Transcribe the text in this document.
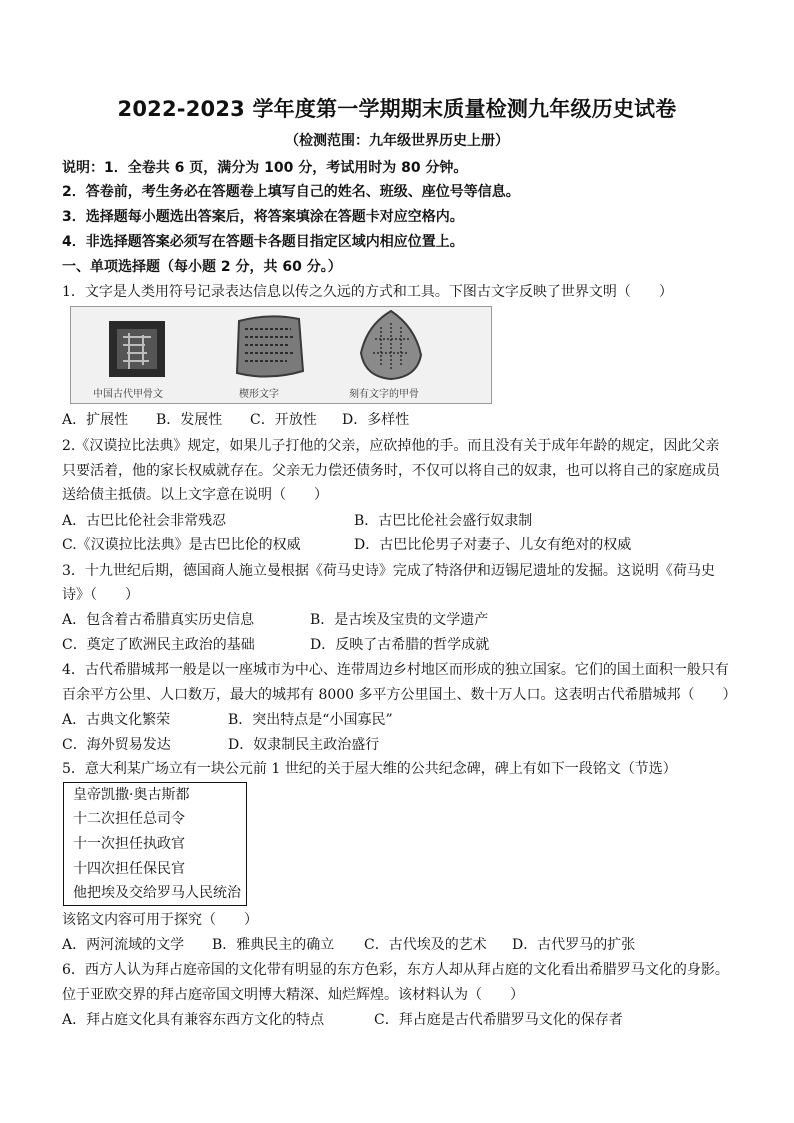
2022-2023 学年度第一学期期末质量检测九年级历史试卷
（检测范围：九年级世界历史上册）
说明：1．全卷共 6 页，满分为 100 分，考试用时为 80 分钟。
2．答卷前，考生务必在答题卷上填写自己的姓名、班级、座位号等信息。
3．选择题每小题选出答案后，将答案填涂在答题卡对应空格内。
4．非选择题答案必须写在答题卡各题目指定区域内相应位置上。
一、单项选择题（每小题 2 分，共 60 分。）
1．文字是人类用符号记录表达信息以传之久远的方式和工具。下图古文字反映了世界文明（　　）
中国古代甲骨文	楔形文字	刻有文字的甲骨
A．扩展性 B．发展性 C．开放性 D．多样性
2.《汉谟拉比法典》规定，如果儿子打他的父亲，应砍掉他的手。而且没有关于成年年龄的规定，因此父亲
只要活着，他的家长权威就存在。父亲无力偿还债务时，不仅可以将自己的奴隶，也可以将自己的家庭成员
送给债主抵债。以上文字意在说明（　　）
A．古巴比伦社会非常残忍	B．古巴比伦社会盛行奴隶制
C.《汉谟拉比法典》是古巴比伦的权威	D．古巴比伦男子对妻子、儿女有绝对的权威
3．十九世纪后期，德国商人施立曼根据《荷马史诗》完成了特洛伊和迈锡尼遗址的发掘。这说明《荷马史
诗》（　　）
A．包含着古希腊真实历史信息	B．是古埃及宝贵的文学遗产
C．奠定了欧洲民主政治的基础	D．反映了古希腊的哲学成就
4．古代希腊城邦一般是以一座城市为中心、连带周边乡村地区而形成的独立国家。它们的国土面积一般只有
百余平方公里、人口数万，最大的城邦有 8000 多平方公里国土、数十万人口。这表明古代希腊城邦（　　）
A．古典文化繁荣	B．突出特点是“小国寡民”
C．海外贸易发达	D．奴隶制民主政治盛行
5．意大利某广场立有一块公元前 1 世纪的关于屋大维的公共纪念碑，碑上有如下一段铭文（节选）
皇帝凯撒·奥古斯都
十二次担任总司令
十一次担任执政官
十四次担任保民官
他把埃及交给罗马人民统治
该铭文内容可用于探究（　　）
A．两河流域的文学 B．雅典民主的确立 C．古代埃及的艺术 D．古代罗马的扩张
6．西方人认为拜占庭帝国的文化带有明显的东方色彩，东方人却从拜占庭的文化看出希腊罗马文化的身影。
位于亚欧交界的拜占庭帝国文明博大精深、灿烂辉煌。该材料认为（　　）
A．拜占庭文化具有兼容东西方文化的特点	C．拜占庭是古代希腊罗马文化的保存者
